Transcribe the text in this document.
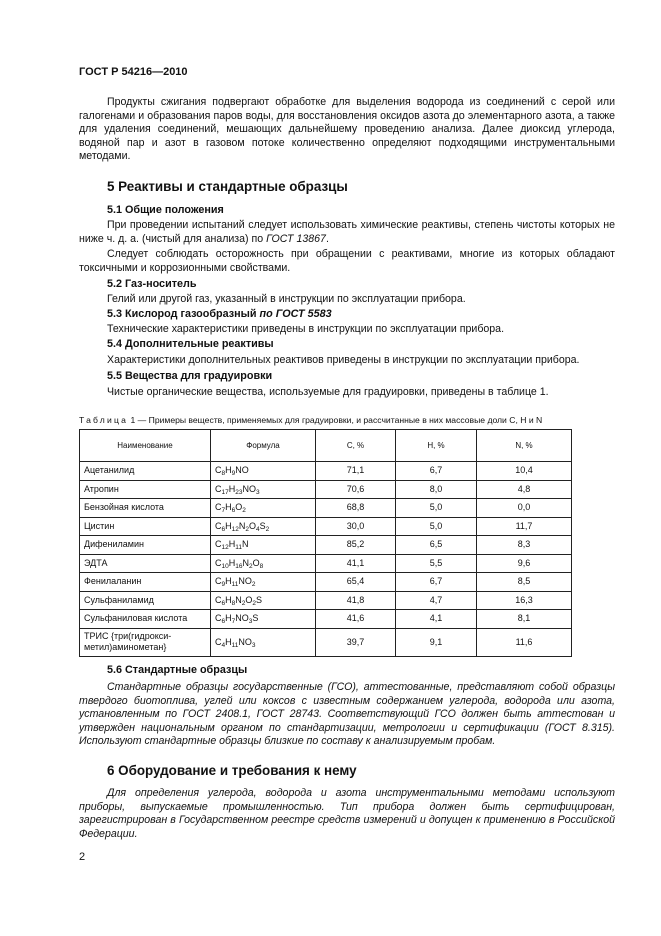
ГОСТ Р 54216—2010
Продукты сжигания подвергают обработке для выделения водорода из соединений с серой или галогенами и образования паров воды, для восстановления оксидов азота до элементарного азота, а также для удаления соединений, мешающих дальнейшему проведению анализа. Далее диоксид углерода, водяной пар и азот в газовом потоке количественно определяют подходящими инструментальными методами.
5 Реактивы и стандартные образцы
5.1 Общие положения
При проведении испытаний следует использовать химические реактивы, степень чистоты которых не ниже ч. д. а. (чистый для анализа) по ГОСТ 13867.
Следует соблюдать осторожность при обращении с реактивами, многие из которых обладают токсичными и коррозионными свойствами.
5.2 Газ-носитель
Гелий или другой газ, указанный в инструкции по эксплуатации прибора.
5.3 Кислород газообразный по ГОСТ 5583
Технические характеристики приведены в инструкции по эксплуатации прибора.
5.4 Дополнительные реактивы
Характеристики дополнительных реактивов приведены в инструкции по эксплуатации прибора.
5.5 Вещества для градуировки
Чистые органические вещества, используемые для градуировки, приведены в таблице 1.
Таблица 1 — Примеры веществ, применяемых для градуировки, и рассчитанные в них массовые доли C, H и N
Наименование	Формула	C, %	H, %	N, %
Ацетанилид	$C_8H_9NO$	71,1	6,7	10,4
Атропин	$C_{17}H_{23}NO_3$	70,6	8,0	4,8
Бензойная кислота	$C_7H_6O_2$	68,8	5,0	0,0
Цистин	$C_6H_{12}N_2O_4S_2$	30,0	5,0	11,7
Дифениламин	$C_{12}H_{11}N$	85,2	6,5	8,3
ЭДТА	$C_{10}H_{16}N_2O_8$	41,1	5,5	9,6
Фенилаланин	$C_9H_{11}NO_2$	65,4	6,7	8,5
Сульфаниламид	$C_6H_8N_2O_2S$	41,8	4,7	16,3
Сульфаниловая кислота	$C_6H_7NO_3S$	41,6	4,1	8,1
ТРИС {три(гидрокси-метил)аминометан}	$C_4H_{11}NO_3$	39,7	9,1	11,6
5.6 Стандартные образцы
Стандартные образцы государственные (ГСО), аттестованные, представляют собой образцы твердого биотоплива, углей или коксов с известным содержанием углерода, водорода или азота, установленным по ГОСТ 2408.1, ГОСТ 28743. Соответствующий ГСО должен быть аттестован и утвержден национальным органом по стандартизации, метрологии и сертификации (ГОСТ 8.315). Используют стандартные образцы близкие по составу к анализируемым пробам.
6 Оборудование и требования к нему
Для определения углерода, водорода и азота инструментальными методами используют приборы, выпускаемые промышленностью. Тип прибора должен быть сертифицирован, зарегистрирован в Государственном реестре средств измерений и допущен к применению в Российской Федерации.
2
